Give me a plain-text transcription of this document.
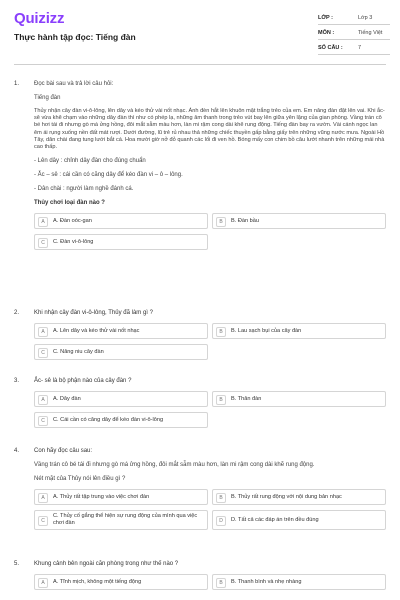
Quizizz
Thực hành tập đọc: Tiếng đàn
LỚP :	Lớp 3
MÔN :	Tiếng Việt
SỐ CÂU :	7
1.	Đọc bài sau và trả lời câu hỏi:
Tiếng đàn
Thủy nhận cây đàn vi-ô-lông, lên dây và kéo thử vài nốt nhạc. Ánh đèn hắt lên khuôn mặt trắng trẻo của em. Em nâng đàn đặt lên vai. Khi ắc-sê vừa khẽ chạm vào những dây đàn thì như có phép lạ, những âm thanh trong trẻo vút bay lên giữa yên lặng của gian phòng. Vầng trán cô bé hơi tái đi nhưng gò má ửng hồng, đôi mắt sẫm màu hơn, làn mi rậm cong dài khẽ rung động. Tiếng đàn bay ra vườn. Vài cánh ngọc lan êm ái rụng xuống nền đất mát rượi. Dưới đường, lũ trẻ rủ nhau thả những chiếc thuyền gấp bằng giấy trên những vũng nước mưa. Ngoài Hồ Tây, dân chài đang tung lưới bắt cá. Hoa mười giờ nở đỏ quanh các lối đi ven hồ. Bóng mấy con chim bồ câu lướt nhanh trên những mái nhà cao thấp.
- Lên dây : chỉnh dây đàn cho đúng chuẩn
- Ắc – sê : cái cần có căng dây để kéo đàn vi – ô – lông.
- Dân chài : người làm nghề đánh cá.
Thủy chơi loại đàn nào ?
A	A. Đàn oóc-gan	B	B. Đàn bầu
C	C. Đàn vi-ô-lông
2.	Khi nhận cây đàn vi-ô-lông, Thủy đã làm gì ?
A	A. Lên dây và kéo thử vài nốt nhạc	B	B. Lau sạch bụi của cây đàn
C	C. Nâng niu cây đàn
3.	Ắc- sê là bộ phận nào của cây đàn ?
A	A. Dây đàn	B	B. Thân đàn
C	C. Cái cần có căng dây để kéo đàn vi-ô-lông
4.	Con hãy đọc câu sau:
Vầng trán cô bé tái đi nhưng gò má ửng hồng, đôi mắt sẫm màu hơn, làn mi rậm cong dài khẽ rung động.
Nét mặt của Thủy nói lên điều gì ?
A	A. Thủy rất tập trung vào việc chơi đàn	B	B. Thủy rất rung động với nội dung bản nhạc
C
C. Thủy cố gắng thể hiện sự rung động của mình qua việc chơi đàn	D	D. Tất cả các đáp án trên đều đúng
5.	Khung cảnh bên ngoài căn phòng trong như thế nào ?
A	A. Tĩnh mịch, không một tiếng động	B	B. Thanh bình và nhẹ nhàng
